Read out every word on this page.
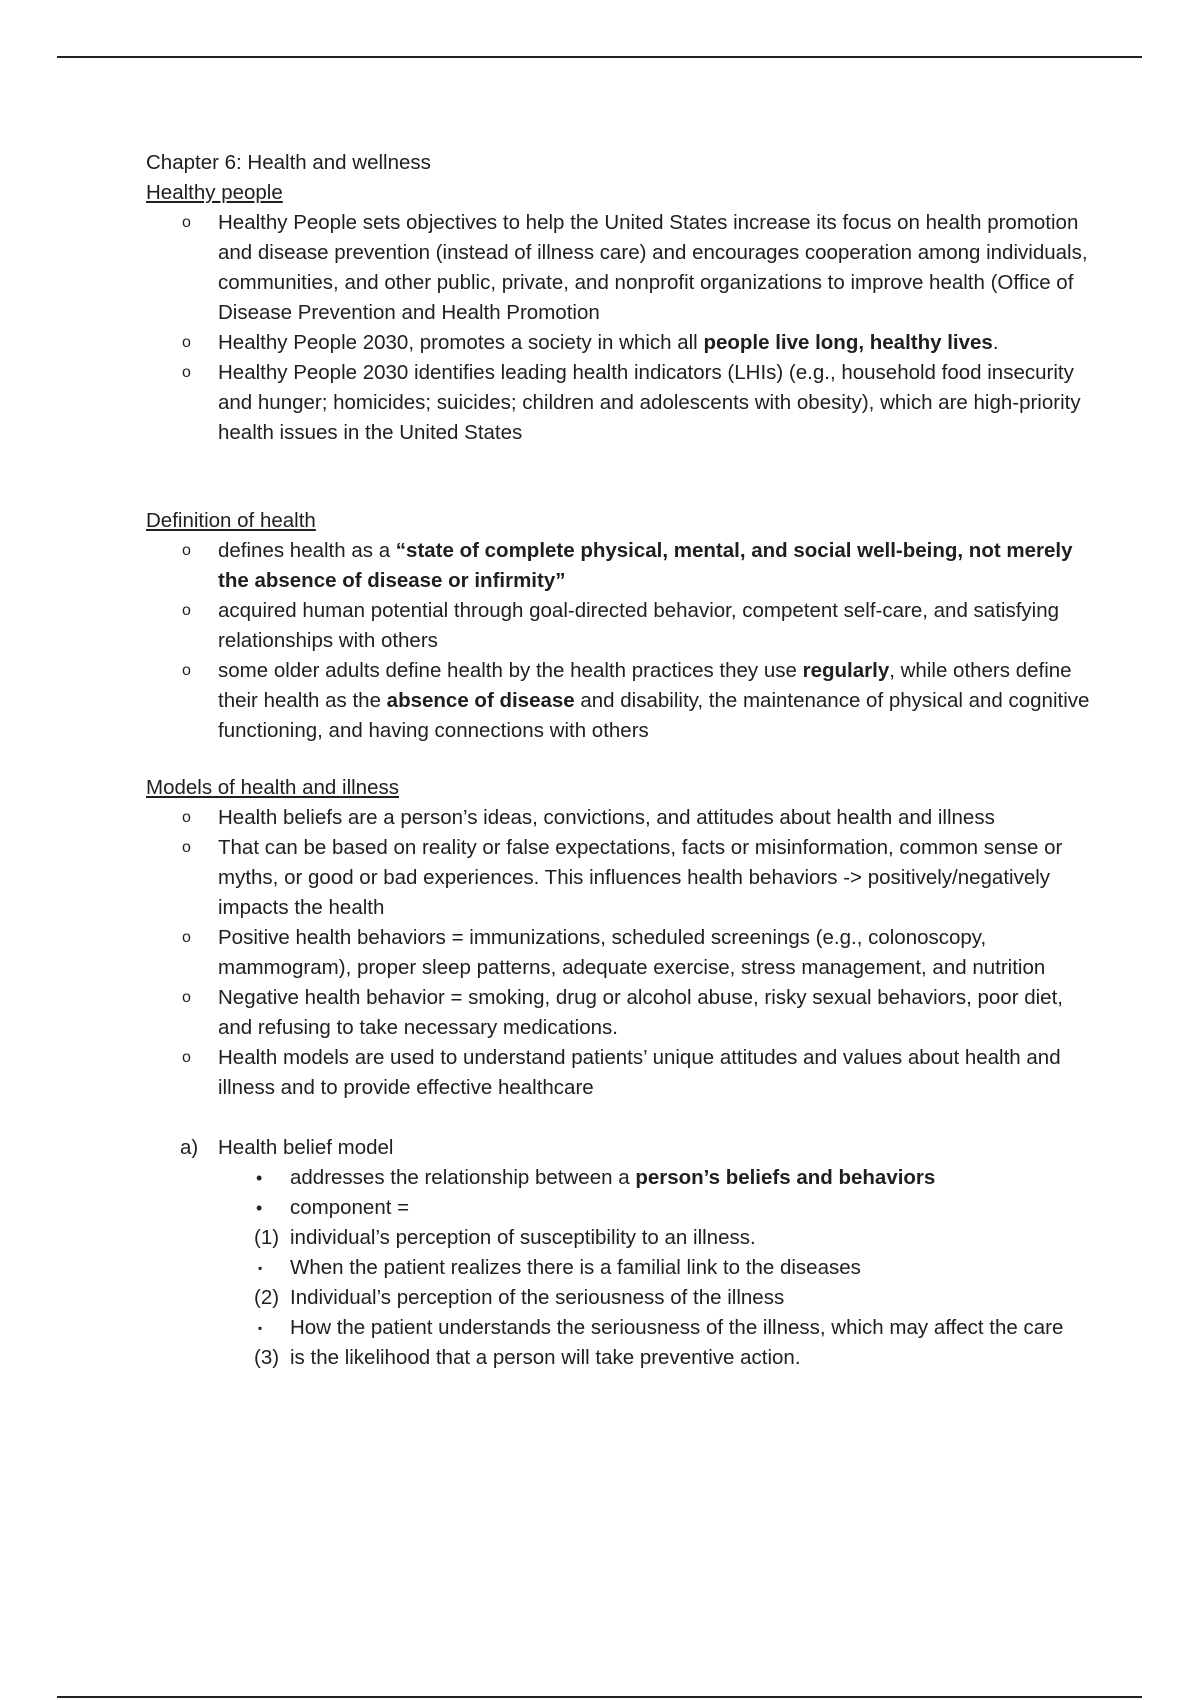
Chapter 6: Health and wellness
Healthy people
o	Healthy People sets objectives to help the United States increase its focus on health promotion and disease prevention (instead of illness care) and encourages cooperation among individuals, communities, and other public, private, and nonprofit organizations to improve health (Office of Disease Prevention and Health Promotion
o	Healthy People 2030, promotes a society in which all people live long, healthy lives.
o	Healthy People 2030 identifies leading health indicators (LHIs) (e.g., household food insecurity and hunger; homicides; suicides; children and adolescents with obesity), which are high-priority health issues in the United States
Definition of health
o	defines health as a “state of complete physical, mental, and social well-being, not merely the absence of disease or infirmity”
o	acquired human potential through goal-directed behavior, competent self-care, and satisfying relationships with others
o	some older adults define health by the health practices they use regularly, while others define their health as the absence of disease and disability, the maintenance of physical and cognitive functioning, and having connections with others
Models of health and illness
o	Health beliefs are a person’s ideas, convictions, and attitudes about health and illness
o	That can be based on reality or false expectations, facts or misinformation, common sense or myths, or good or bad experiences. This influences health behaviors -> positively/negatively impacts the health
o	Positive health behaviors = immunizations, scheduled screenings (e.g., colonoscopy, mammogram), proper sleep patterns, adequate exercise, stress management, and nutrition
o	Negative health behavior = smoking, drug or alcohol abuse, risky sexual behaviors, poor diet, and refusing to take necessary medications.
o	Health models are used to understand patients’ unique attitudes and values about health and illness and to provide effective healthcare
a) Health belief model
• addresses the relationship between a person’s beliefs and behaviors
• component =
(1) individual’s perception of susceptibility to an illness.
▪ When the patient realizes there is a familial link to the diseases
(2) Individual’s perception of the seriousness of the illness
▪ How the patient understands the seriousness of the illness, which may affect the care
(3) is the likelihood that a person will take preventive action.
